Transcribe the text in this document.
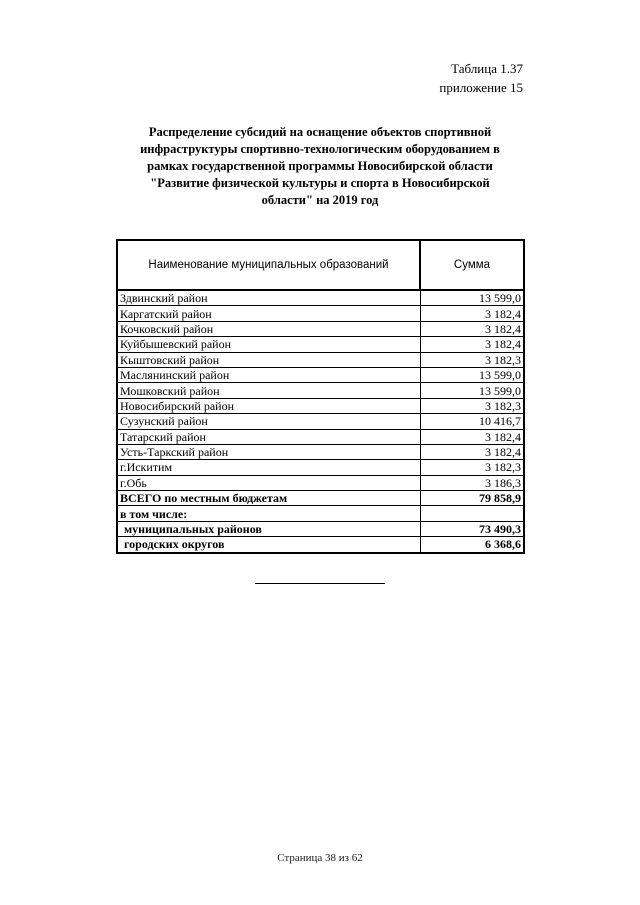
Таблица 1.37
приложение 15
Распределение субсидий на оснащение объектов спортивной
инфраструктуры спортивно-технологическим оборудованием в
рамках государственной программы Новосибирской области
"Развитие физической культуры и спорта в Новосибирской
области" на 2019 год
Наименование муниципальных образований	Сумма
Здвинский район	13 599,0
Каргатский район	3 182,4
Кочковский район	3 182,4
Куйбышевский район	3 182,4
Кыштовский район	3 182,3
Маслянинский район	13 599,0
Мошковский район	13 599,0
Новосибирский район	3 182,3
Сузунский район	10 416,7
Татарский район	3 182,4
Усть-Таркский район	3 182,4
г.Искитим	3 182,3
г.Обь	3 186,3
ВСЕГО по местным бюджетам	79 858,9
в том числе:	
муниципальных районов	73 490,3
городских округов	6 368,6
Страница 38 из 62
